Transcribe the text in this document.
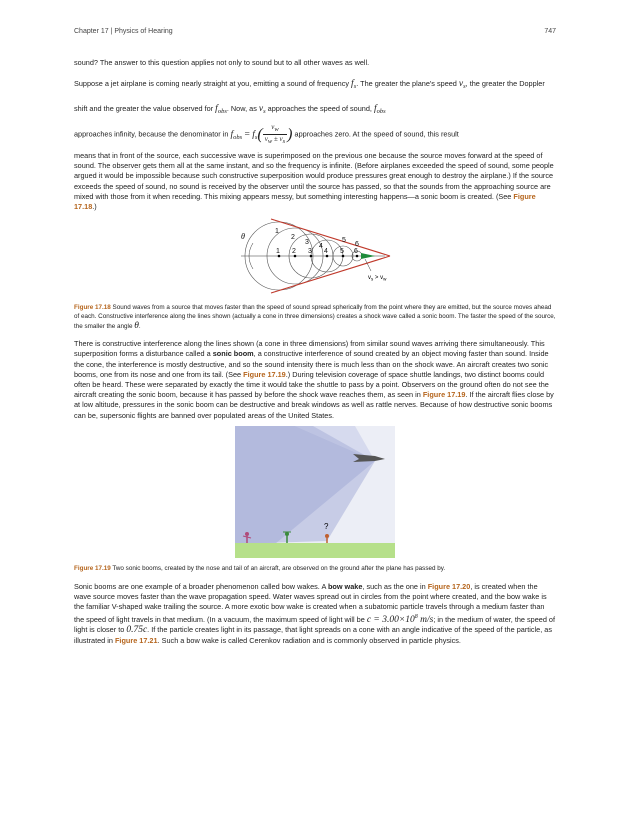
Chapter 17 | Physics of Hearing	747

sound? The answer to this question applies not only to sound but to all other waves as well.

Suppose a jet airplane is coming nearly straight at you, emitting a sound of frequency $f_s$. The greater the plane's speed $v_s$, the greater the Doppler shift and the greater the value observed for $f_{obs}$. Now, as $v_s$ approaches the speed of sound, $f_{obs}$
approaches infinity, because the denominator in $f_{obs} = f_s( \frac{vw}{vw \pm vs}$ ) approaches zero. At the speed of sound, this result

means that in front of the source, each successive wave is superimposed on the previous one because the source moves forward at the speed of sound. The observer gets them all at the same instant, and so the frequency is infinite. (Before airplanes exceeded the speed of sound, some people argued it would be impossible because such constructive superposition would produce pressures great enough to destroy the airplane.) If the source exceeds the speed of sound, no sound is received by the observer until the source has passed, so that the sounds from the approaching source are mixed with those from it when receding. This mixing appears messy, but something interesting happens—a sonic boom is created. (See Figure 17.18.)

θ
1
2
3
4
5
6
1 2 3 4 5 6
$v_s > v_w$

Figure 17.18 Sound waves from a source that moves faster than the speed of sound spread spherically from the point where they are emitted, but the source moves ahead of each. Constructive interference along the lines shown (actually a cone in three dimensions) creates a shock wave called a sonic boom. The faster the speed of the source, the smaller the angle θ.

There is constructive interference along the lines shown (a cone in three dimensions) from similar sound waves arriving there simultaneously. This superposition forms a disturbance called a sonic boom, a constructive interference of sound created by an object moving faster than sound. Inside the cone, the interference is mostly destructive, and so the sound intensity there is much less than on the shock wave. An aircraft creates two sonic booms, one from its nose and one from its tail. (See Figure 17.19.) During television coverage of space shuttle landings, two distinct booms could often be heard. These were separated by exactly the time it would take the shuttle to pass by a point. Observers on the ground often do not see the aircraft creating the sonic boom, because it has passed by before the shock wave reaches them, as seen in Figure 17.19. If the aircraft flies close by at low altitude, pressures in the sonic boom can be destructive and break windows as well as rattle nerves. Because of how destructive sonic booms can be, supersonic flights are banned over populated areas of the United States.

?

Figure 17.19 Two sonic booms, created by the nose and tail of an aircraft, are observed on the ground after the plane has passed by.

Sonic booms are one example of a broader phenomenon called bow wakes. A bow wake, such as the one in Figure 17.20, is created when the wave source moves faster than the wave propagation speed. Water waves spread out in circles from the point where created, and the bow wake is the familiar V-shaped wake trailing the source. A more exotic bow wake is created when a subatomic particle travels through a medium faster than the speed of light travels in that medium. (In a vacuum, the maximum speed of light will be $c = 3.00\times 10^8$ m/s; in the medium of water, the speed of light is closer to 0.75c. If the particle creates light in its passage, that light spreads on a cone with an angle indicative of the speed of the particle, as illustrated in Figure 17.21. Such a bow wake is called Cerenkov radiation and is commonly observed in particle physics.
